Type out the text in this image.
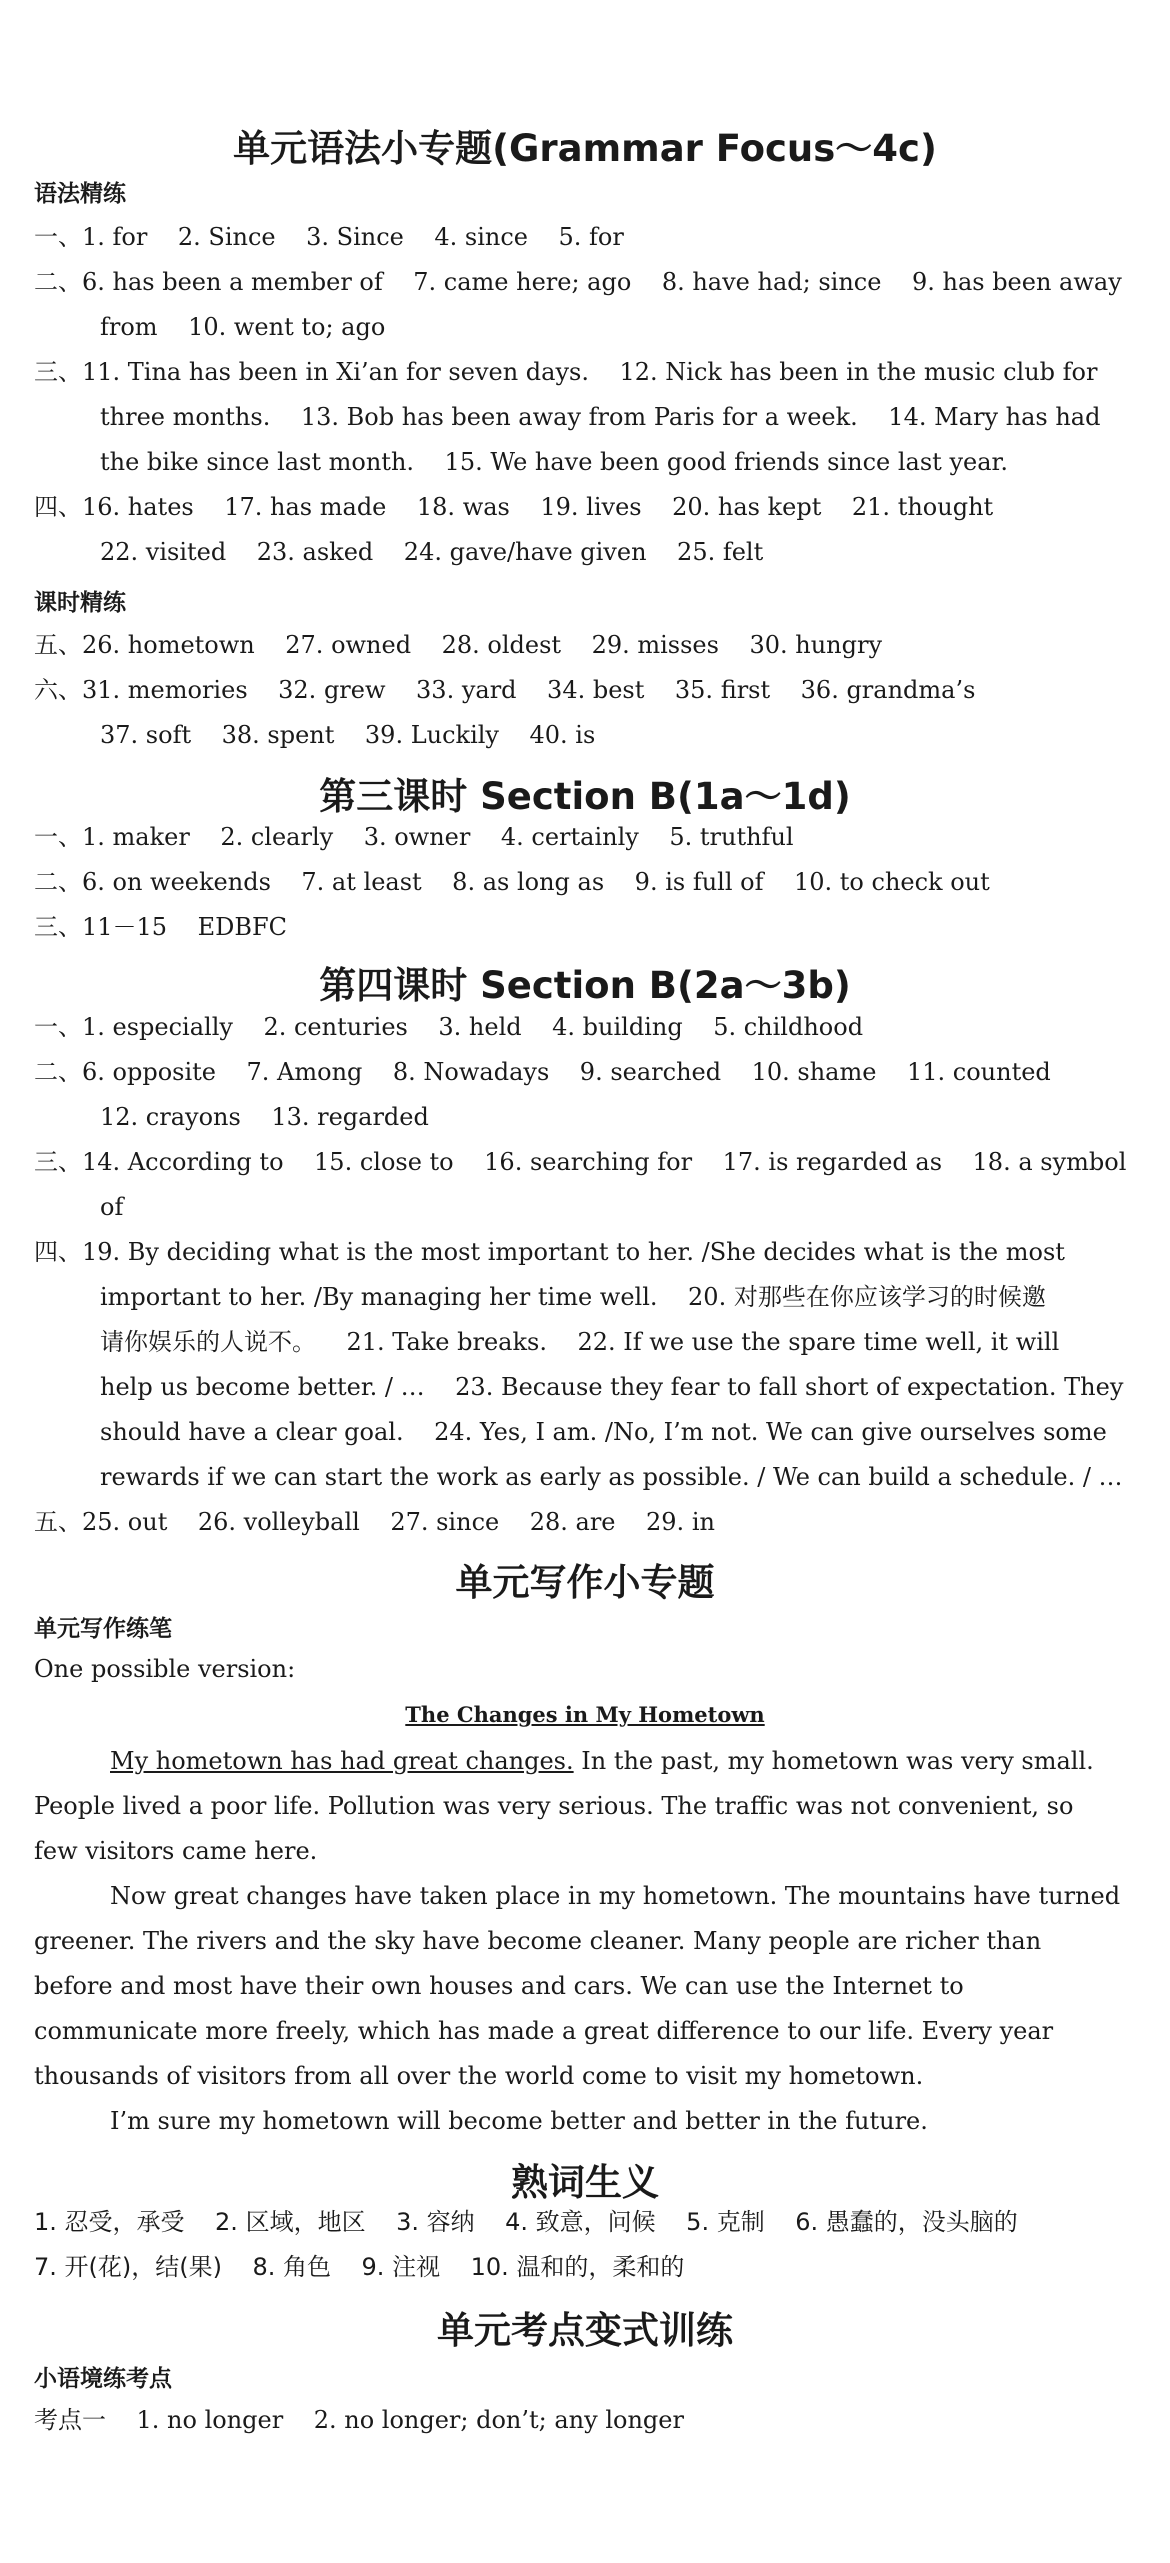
单元语法小专题(Grammar Focus～4c)
语法精练
一、1. for    2. Since    3. Since    4. since    5. for
二、6. has been a member of    7. came here; ago    8. have had; since    9. has been away
from    10. went to; ago
三、11. Tina has been in Xi’an for seven days.    12. Nick has been in the music club for
three months.    13. Bob has been away from Paris for a week.    14. Mary has had
the bike since last month.    15. We have been good friends since last year.
四、16. hates    17. has made    18. was    19. lives    20. has kept    21. thought
22. visited    23. asked    24. gave/have given    25. felt
课时精练
五、26. hometown    27. owned    28. oldest    29. misses    30. hungry
六、31. memories    32. grew    33. yard    34. best    35. first    36. grandma’s
37. soft    38. spent    39. Luckily    40. is
第三课时 Section B(1a～1d)
一、1. maker    2. clearly    3. owner    4. certainly    5. truthful
二、6. on weekends    7. at least    8. as long as    9. is full of    10. to check out
三、11－15    EDBFC
第四课时 Section B(2a～3b)
一、1. especially    2. centuries    3. held    4. building    5. childhood
二、6. opposite    7. Among    8. Nowadays    9. searched    10. shame    11. counted
12. crayons    13. regarded
三、14. According to    15. close to    16. searching for    17. is regarded as    18. a symbol
of
四、19. By deciding what is the most important to her. /She decides what is the most
important to her. /By managing her time well.    20. 对那些在你应该学习的时候邀
请你娱乐的人说不。    21. Take breaks.    22. If we use the spare time well, it will
help us become better. / …    23. Because they fear to fall short of expectation. They
should have a clear goal.    24. Yes, I am. /No, I’m not. We can give ourselves some
rewards if we can start the work as early as possible. / We can build a schedule. / …
五、25. out    26. volleyball    27. since    28. are    29. in
单元写作小专题
单元写作练笔
One possible version:
The Changes in My Hometown
My hometown has had great changes. In the past, my hometown was very small.
People lived a poor life. Pollution was very serious. The traffic was not convenient, so
few visitors came here.
Now great changes have taken place in my hometown. The mountains have turned
greener. The rivers and the sky have become cleaner. Many people are richer than
before and most have their own houses and cars. We can use the Internet to
communicate more freely, which has made a great difference to our life. Every year
thousands of visitors from all over the world come to visit my hometown.
I’m sure my hometown will become better and better in the future.
熟词生义
1. 忍受，承受    2. 区域，地区    3. 容纳    4. 致意，问候    5. 克制    6. 愚蠢的，没头脑的
7. 开(花)，结(果)    8. 角色    9. 注视    10. 温和的，柔和的
单元考点变式训练
小语境练考点
考点一    1. no longer    2. no longer; don’t; any longer
